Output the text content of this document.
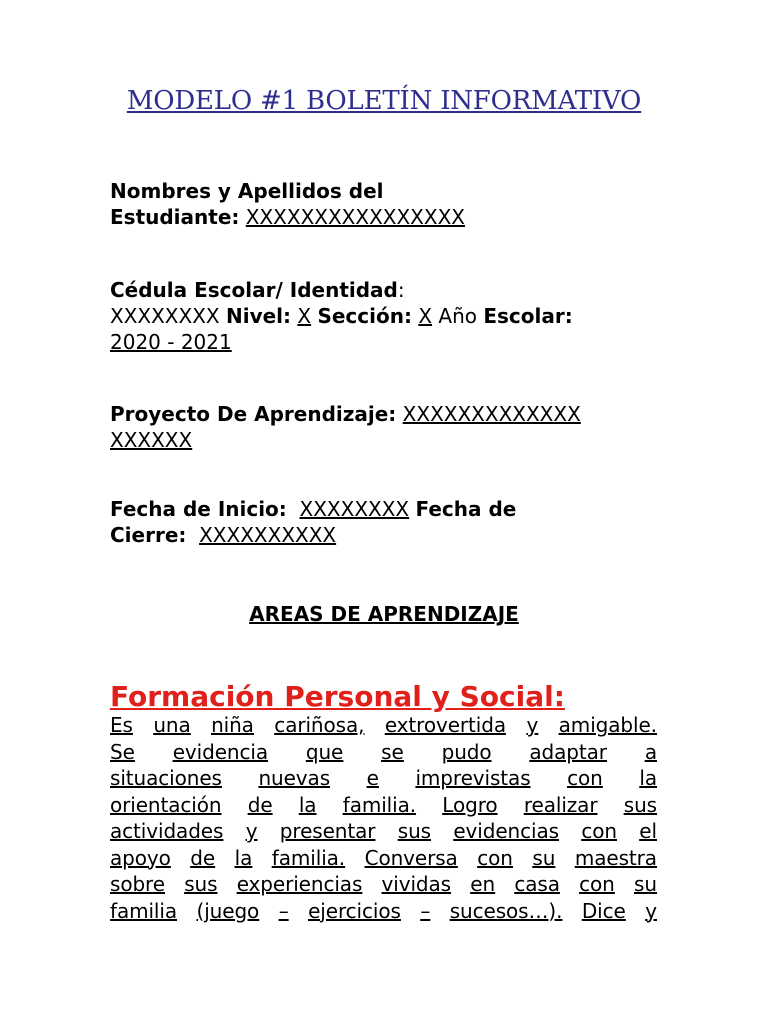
MODELO #1 BOLETÍN INFORMATIVO
Nombres y Apellidos del
Estudiante: XXXXXXXXXXXXXXXX
Cédula Escolar/ Identidad:
XXXXXXXX Nivel: X Sección: X Año Escolar:
2020 - 2021
Proyecto De Aprendizaje: XXXXXXXXXXXXX
XXXXXX
Fecha de Inicio: XXXXXXXX Fecha de
Cierre: XXXXXXXXXX
AREAS DE APRENDIZAJE
Formación Personal y Social:
Es una niña cariñosa, extrovertida y amigable.
Se evidencia que se pudo adaptar a
situaciones nuevas e imprevistas con la
orientación de la familia. Logro realizar sus
actividades y presentar sus evidencias con el
apoyo de la familia. Conversa con su maestra
sobre sus experiencias vividas en casa con su
familia (juego – ejercicios – sucesos…). Dice y
